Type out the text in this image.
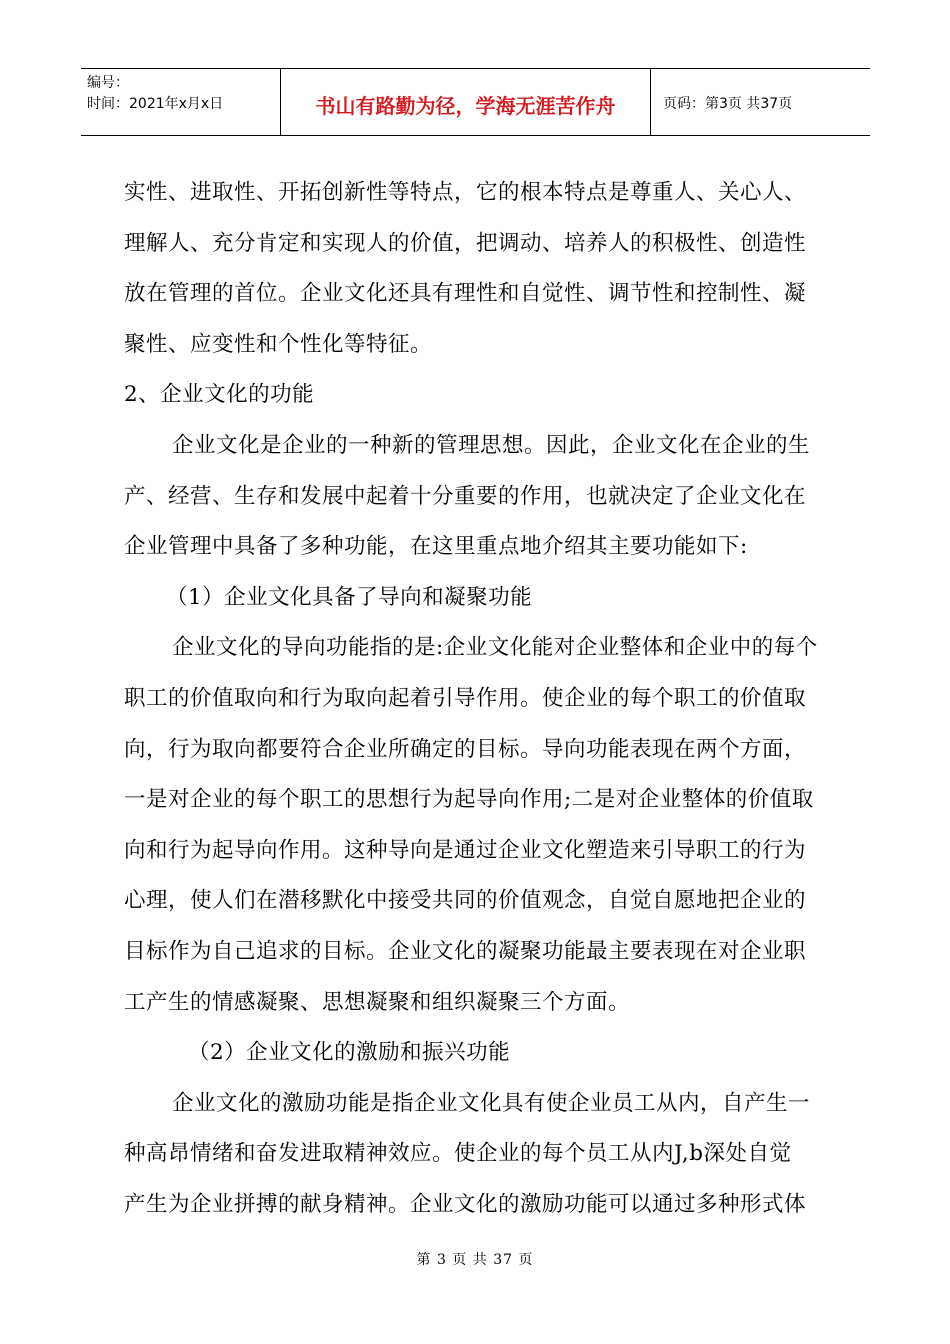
编号：
时间：2021年x月x日	书山有路勤为径，学海无涯苦作舟	页码：第3页 共37页
实性、进取性、开拓创新性等特点，它的根本特点是尊重人、关心人、
理解人、充分肯定和实现人的价值，把调动、培养人的积极性、创造性
放在管理的首位。企业文化还具有理性和自觉性、调节性和控制性、凝
聚性、应变性和个性化等特征。
2、企业文化的功能
企业文化是企业的一种新的管理思想。因此，企业文化在企业的生
产、经营、生存和发展中起着十分重要的作用，也就决定了企业文化在
企业管理中具备了多种功能，在这里重点地介绍其主要功能如下:
（1）企业文化具备了导向和凝聚功能
企业文化的导向功能指的是:企业文化能对企业整体和企业中的每个
职工的价值取向和行为取向起着引导作用。使企业的每个职工的价值取
向，行为取向都要符合企业所确定的目标。导向功能表现在两个方面，
一是对企业的每个职工的思想行为起导向作用;二是对企业整体的价值取
向和行为起导向作用。这种导向是通过企业文化塑造来引导职工的行为
心理，使人们在潜移默化中接受共同的价值观念，自觉自愿地把企业的
目标作为自己追求的目标。企业文化的凝聚功能最主要表现在对企业职
工产生的情感凝聚、思想凝聚和组织凝聚三个方面。
（2）企业文化的激励和振兴功能
企业文化的激励功能是指企业文化具有使企业员工从内，自产生一
种高昂情绪和奋发进取精神效应。使企业的每个员工从内J,b深处自觉
产生为企业拼搏的献身精神。企业文化的激励功能可以通过多种形式体
第 3 页 共 37 页
